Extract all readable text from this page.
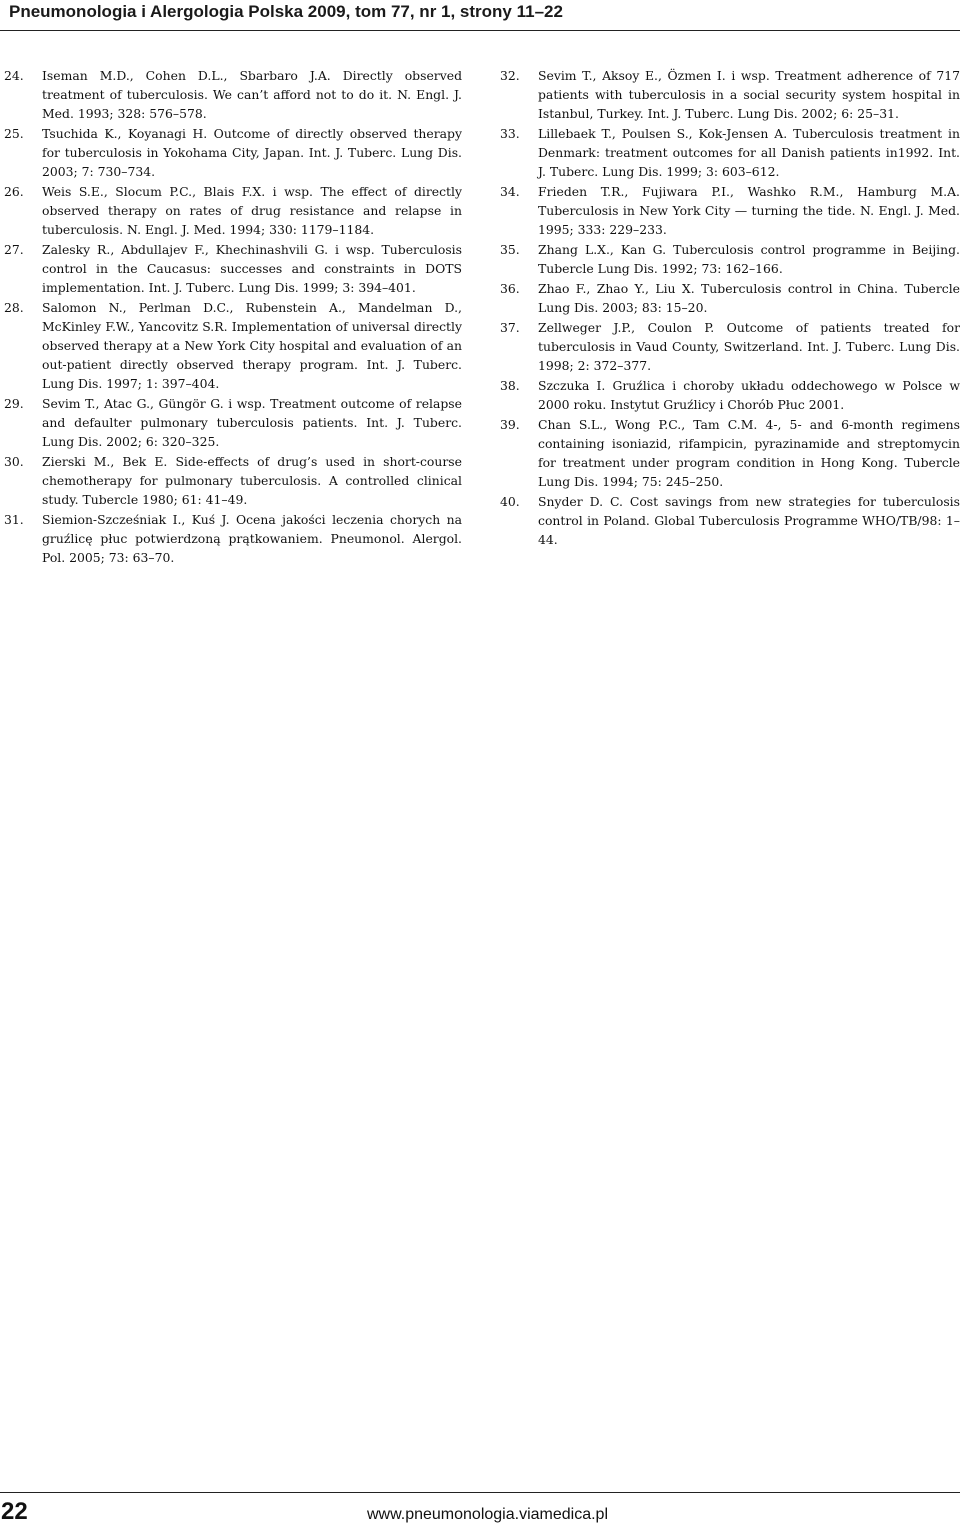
Pneumonologia i Alergologia Polska 2009, tom 77, nr 1, strony 11–22
24. Iseman M.D., Cohen D.L., Sbarbaro J.A. Directly observed treatment of tuberculosis. We can’t afford not to do it. N. Engl. J. Med. 1993; 328: 576–578.
25. Tsuchida K., Koyanagi H. Outcome of directly observed therapy for tuberculosis in Yokohama City, Japan. Int. J. Tuberc. Lung Dis. 2003; 7: 730–734.
26. Weis S.E., Slocum P.C., Blais F.X. i wsp. The effect of directly observed therapy on rates of drug resistance and relapse in tuberculosis. N. Engl. J. Med. 1994; 330: 1179–1184.
27. Zalesky R., Abdullajev F., Khechinashvili G. i wsp. Tuberculosis control in the Caucasus: successes and constraints in DOTS implementation. Int. J. Tuberc. Lung Dis. 1999; 3: 394–401.
28. Salomon N., Perlman D.C., Rubenstein A., Mandelman D., McKinley F.W., Yancovitz S.R. Implementation of universal directly observed therapy at a New York City hospital and evaluation of an out-patient directly observed therapy program. Int. J. Tuberc. Lung Dis. 1997; 1: 397–404.
29. Sevim T., Atac G., Güngör G. i wsp. Treatment outcome of relapse and defaulter pulmonary tuberculosis patients. Int. J. Tuberc. Lung Dis. 2002; 6: 320–325.
30. Zierski M., Bek E. Side-effects of drug’s used in short-course chemotherapy for pulmonary tuberculosis. A controlled clinical study. Tubercle 1980; 61: 41–49.
31. Siemion-Szcześniak I., Kuś J. Ocena jakości leczenia chorych na gruźlicę płuc potwierdzoną prątkowaniem. Pneumonol. Alergol. Pol. 2005; 73: 63–70.
32. Sevim T., Aksoy E., Özmen I. i wsp. Treatment adherence of 717 patients with tuberculosis in a social security system hospital in Istanbul, Turkey. Int. J. Tuberc. Lung Dis. 2002; 6: 25–31.
33. Lillebaek T., Poulsen S., Kok-Jensen A. Tuberculosis treatment in Denmark: treatment outcomes for all Danish patients in1992. Int. J. Tuberc. Lung Dis. 1999; 3: 603–612.
34. Frieden T.R., Fujiwara P.I., Washko R.M., Hamburg M.A. Tuberculosis in New York City — turning the tide. N. Engl. J. Med. 1995; 333: 229–233.
35. Zhang L.X., Kan G. Tuberculosis control programme in Beijing. Tubercle Lung Dis. 1992; 73: 162–166.
36. Zhao F., Zhao Y., Liu X. Tuberculosis control in China. Tubercle Lung Dis. 2003; 83: 15–20.
37. Zellweger J.P., Coulon P. Outcome of patients treated for tuberculosis in Vaud County, Switzerland. Int. J. Tuberc. Lung Dis. 1998; 2: 372–377.
38. Szczuka I. Gruźlica i choroby układu oddechowego w Polsce w 2000 roku. Instytut Gruźlicy i Chorób Płuc 2001.
39. Chan S.L., Wong P.C., Tam C.M. 4-, 5- and 6-month regimens containing isoniazid, rifampicin, pyrazinamide and streptomycin for treatment under program condition in Hong Kong. Tubercle Lung Dis. 1994; 75: 245–250.
40. Snyder D. C. Cost savings from new strategies for tuberculosis control in Poland. Global Tuberculosis Programme WHO/TB/98: 1–44.
22	www.pneumonologia.viamedica.pl
